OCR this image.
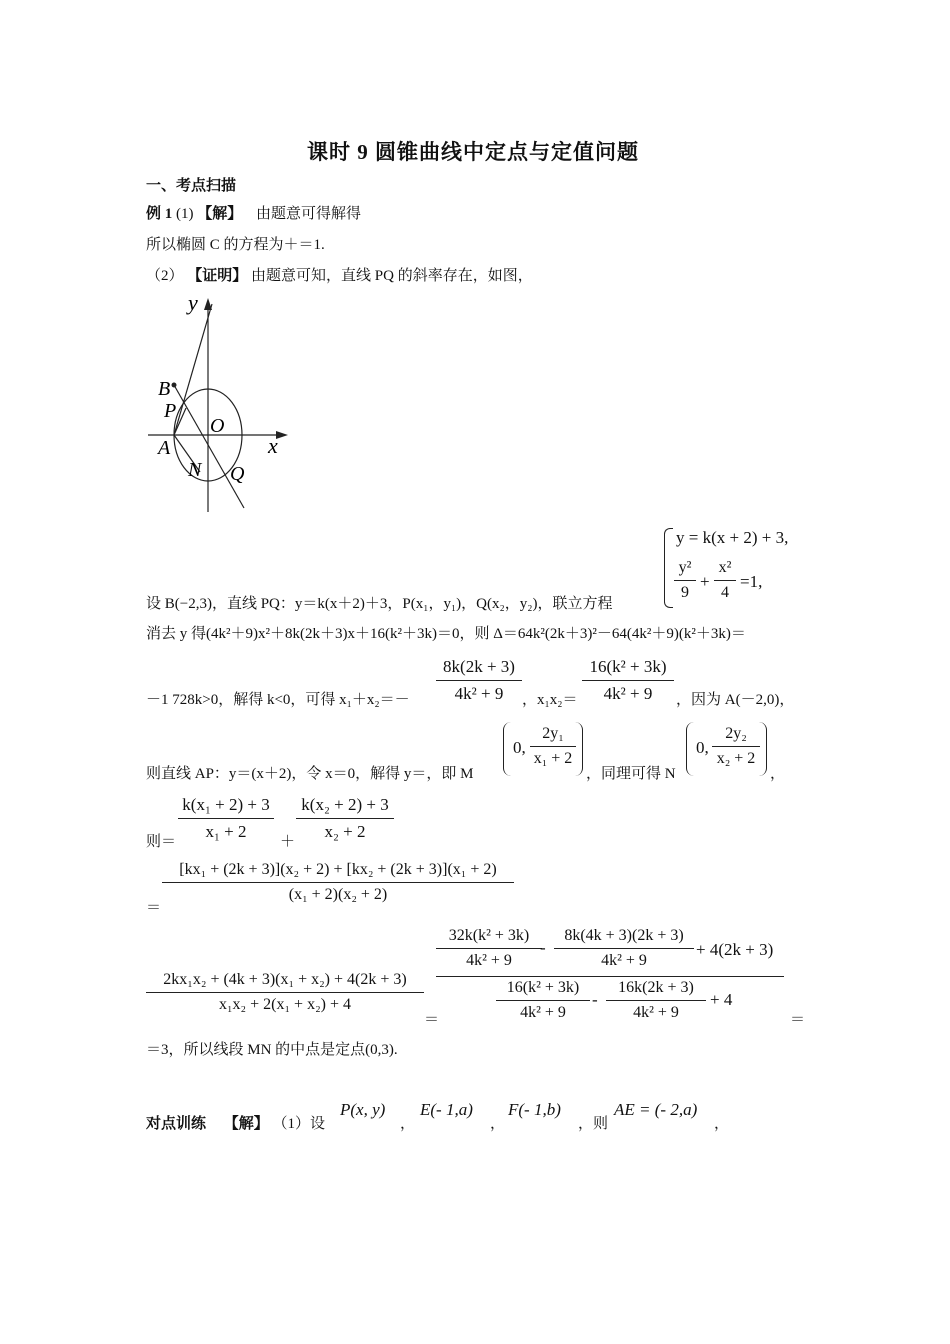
课时 9 圆锥曲线中定点与定值问题
一、考点扫描
例 1 (1) 【解】 由题意可得解得
所以椭圆 C 的方程为＋＝1.
（2） 【证明】 由题意可知，直线 PQ 的斜率存在，如图，
B
P
O
A
N Q
y
x
y = k(x + 2) + 3,
y²
9
+
x²
4
=1,
设 B(−2,3)，直线 PQ：y＝k(x＋2)＋3，P(x₁，y₁)，Q(x₂，y₂)，联立方程
消去 y 得(4k²＋9)x²＋8k(2k＋3)x＋16(k²＋3k)＝0，则 Δ＝64k²(2k＋3)²－64(4k²＋9)(k²＋3k)＝
－1 728k>0，解得 k<0，可得 x₁＋x₂＝－
8k(2k + 3)
4k² + 9	，x₁x₂＝
16(k² + 3k)
4k² + 9	，因为 A(－2,0)，
则直线 AP：y＝(x＋2)，令 x＝0，解得 y＝，即 M
0,
2y₁
x₁ + 2
，同理可得 N
0,
2y₂
x₂ + 2
，
则＝
k(x₁ + 2) + 3
x₁ + 2
＋
k(x₂ + 2) + 3
x₂ + 2
＝
[kx₁ + (2k + 3)](x₂ + 2) + [kx₂ + (2k + 3)](x₁ + 2)
(x₁ + 2)(x₂ + 2)
2kx₁x₂ + (4k + 3)(x₁ + x₂) + 4(2k + 3)
x₁x₂ + 2(x₁ + x₂) + 4
＝
32k(k² + 3k)
4k² + 9
-
8k(4k + 3)(2k + 3)
4k² + 9
+ 4(2k + 3)
16(k² + 3k)
4k² + 9
-
16k(2k + 3)
4k² + 9
+ 4
＝
＝3，所以线段 MN 的中点是定点(0,3).
对点训练 【解】 （1）设
P(x, y)
，
E(- 1,a)
，
F(- 1,b)
，则
AE = (- 2,a)
，
